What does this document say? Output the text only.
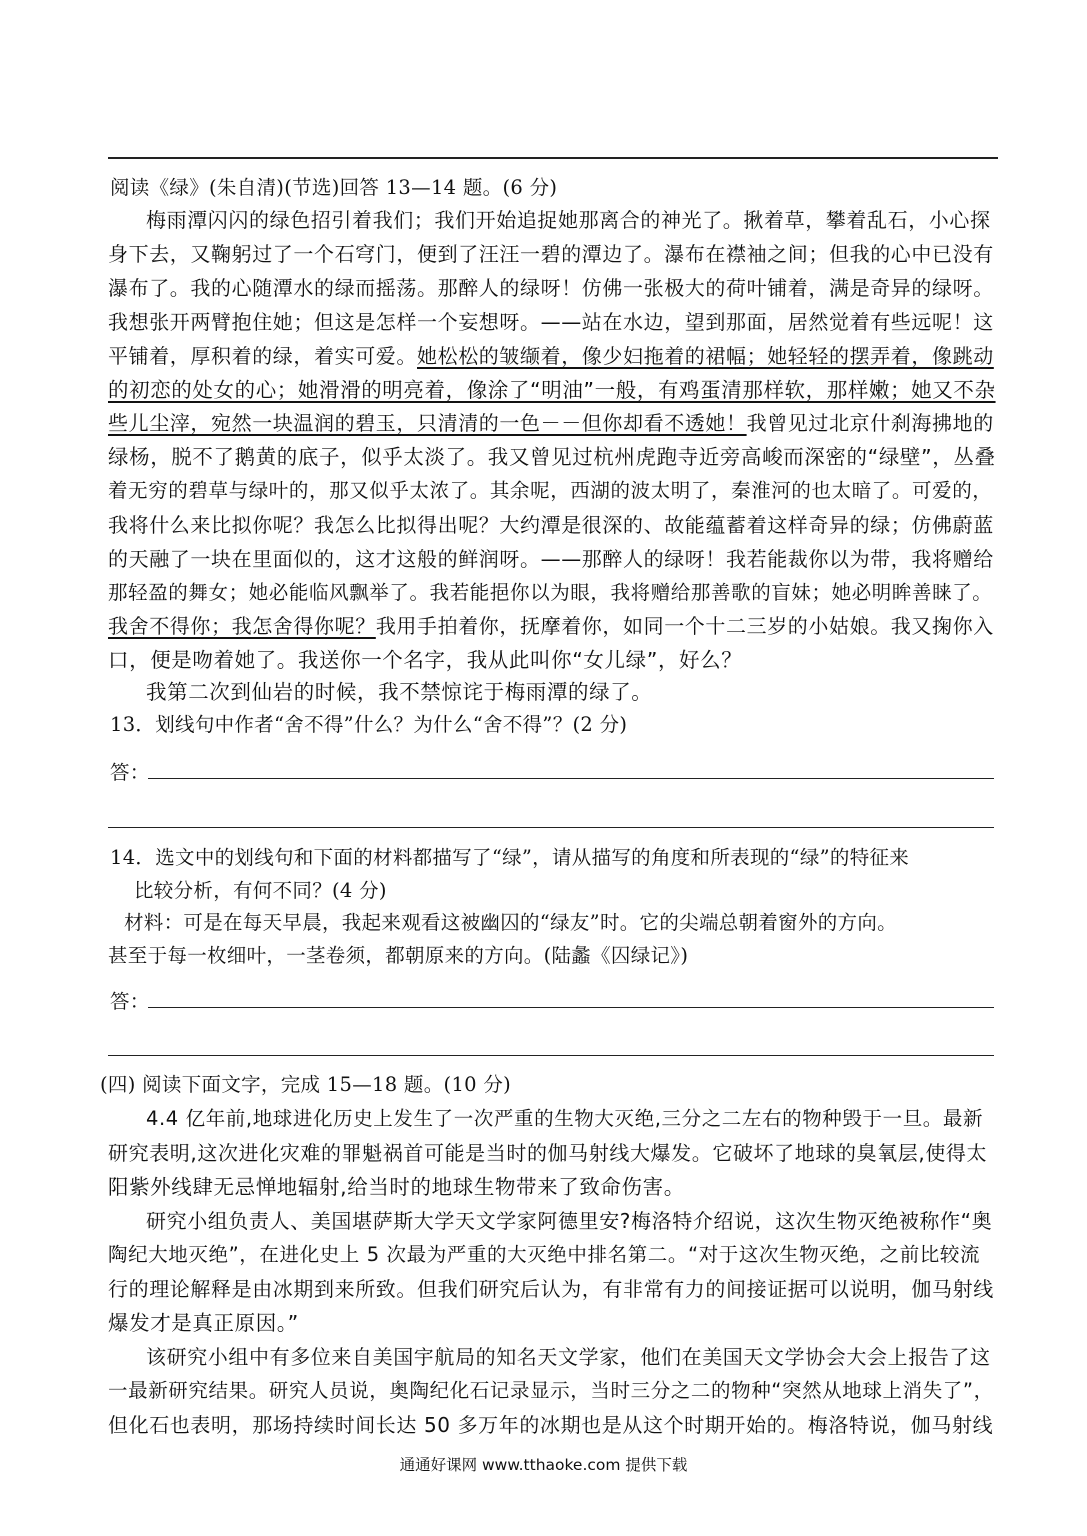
阅读《绿》(朱自清)(节选)回答 13—14 题。(6 分)
梅雨潭闪闪的绿色招引着我们；我们开始追捉她那离合的神光了。揪着草，攀着乱石，小心探
身下去，又鞠躬过了一个石穹门，便到了汪汪一碧的潭边了。瀑布在襟袖之间；但我的心中已没有
瀑布了。我的心随潭水的绿而摇荡。那醉人的绿呀！仿佛一张极大的荷叶铺着，满是奇异的绿呀。
我想张开两臂抱住她；但这是怎样一个妄想呀。——站在水边，望到那面，居然觉着有些远呢！这
平铺着，厚积着的绿，着实可爱。她松松的皱缬着，像少妇拖着的裙幅；她轻轻的摆弄着，像跳动
的初恋的处女的心；她滑滑的明亮着，像涂了“明油”一般，有鸡蛋清那样软，那样嫩；她又不杂
些儿尘滓，宛然一块温润的碧玉，只清清的一色－－但你却看不透她！我曾见过北京什刹海拂地的
绿杨，脱不了鹅黄的底子，似乎太淡了。我又曾见过杭州虎跑寺近旁高峻而深密的“绿壁”，丛叠
着无穷的碧草与绿叶的，那又似乎太浓了。其余呢，西湖的波太明了，秦淮河的也太暗了。可爱的，
我将什么来比拟你呢？我怎么比拟得出呢？大约潭是很深的、故能蕴蓄着这样奇异的绿；仿佛蔚蓝
的天融了一块在里面似的，这才这般的鲜润呀。——那醉人的绿呀！我若能裁你以为带，我将赠给
那轻盈的舞女；她必能临风飘举了。我若能挹你以为眼，我将赠给那善歌的盲妹；她必明眸善睐了。
我舍不得你；我怎舍得你呢？我用手拍着你，抚摩着你，如同一个十二三岁的小姑娘。我又掬你入
口，便是吻着她了。我送你一个名字，我从此叫你“女儿绿”，好么？
我第二次到仙岩的时候，我不禁惊诧于梅雨潭的绿了。
13．划线句中作者“舍不得”什么？为什么“舍不得”？(2 分)
答：
14．选文中的划线句和下面的材料都描写了“绿”，请从描写的角度和所表现的“绿”的特征来
比较分析，有何不同？(4 分)
材料：可是在每天早晨，我起来观看这被幽囚的“绿友”时。它的尖端总朝着窗外的方向。
甚至于每一枚细叶，一茎卷须，都朝原来的方向。(陆蠡《囚绿记》)
答：
(四) 阅读下面文字，完成 15—18 题。(10 分)
4.4 亿年前,地球进化历史上发生了一次严重的生物大灭绝,三分之二左右的物种毁于一旦。最新
研究表明,这次进化灾难的罪魁祸首可能是当时的伽马射线大爆发。它破坏了地球的臭氧层,使得太
阳紫外线肆无忌惮地辐射,给当时的地球生物带来了致命伤害。
研究小组负责人、美国堪萨斯大学天文学家阿德里安?梅洛特介绍说，这次生物灭绝被称作“奥
陶纪大地灭绝”，在进化史上 5 次最为严重的大灭绝中排名第二。“对于这次生物灭绝，之前比较流
行的理论解释是由冰期到来所致。但我们研究后认为，有非常有力的间接证据可以说明，伽马射线
爆发才是真正原因。”
该研究小组中有多位来自美国宇航局的知名天文学家，他们在美国天文学协会大会上报告了这
一最新研究结果。研究人员说，奥陶纪化石记录显示，当时三分之二的物种“突然从地球上消失了”，
但化石也表明，那场持续时间长达 50 多万年的冰期也是从这个时期开始的。梅洛特说，伽马射线
通通好课网 www.tthaoke.com 提供下载
